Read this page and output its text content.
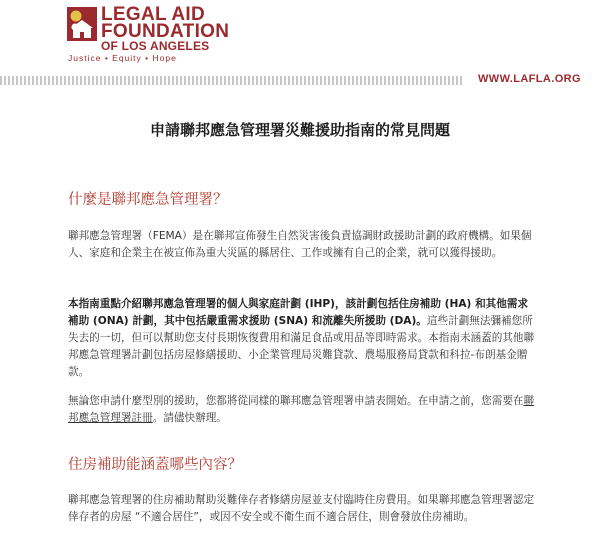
LEGAL AID
FOUNDATION
OF LOS ANGELES
Justice • Equity • Hope
WWW.LAFLA.ORG
申請聯邦應急管理署災難援助指南的常見問題
什麼是聯邦應急管理署？

聯邦應急管理署（FEMA）是在聯邦宣佈發生自然災害後負責協調財政援助計劃的政府機構。如果個人、家庭和企業主在被宣佈為重大災區的縣居住、工作或擁有自己的企業，就可以獲得援助。

本指南重點介紹聯邦應急管理署的個人與家庭計劃 (IHP)，該計劃包括住房補助 (HA) 和其他需求補助 (ONA) 計劃，其中包括嚴重需求援助 (SNA) 和流離失所援助 (DA)。這些計劃無法彌補您所失去的一切，但可以幫助您支付長期恢復費用和滿足食品或用品等即時需求。本指南未涵蓋的其他聯邦應急管理署計劃包括房屋修繕援助、小企業管理局災難貸款、農場服務局貸款和科拉-布朗基金贈款。

無論您申請什麼型別的援助，您都將從同樣的聯邦應急管理署申請表開始。在申請之前，您需要在聯邦應急管理署註冊。請儘快辦理。

住房補助能涵蓋哪些內容？

聯邦應急管理署的住房補助幫助災難倖存者修繕房屋並支付臨時住房費用。如果聯邦應急管理署認定倖存者的房屋 “不適合居住”，或因不安全或不衛生而不適合居住，則會發放住房補助。
